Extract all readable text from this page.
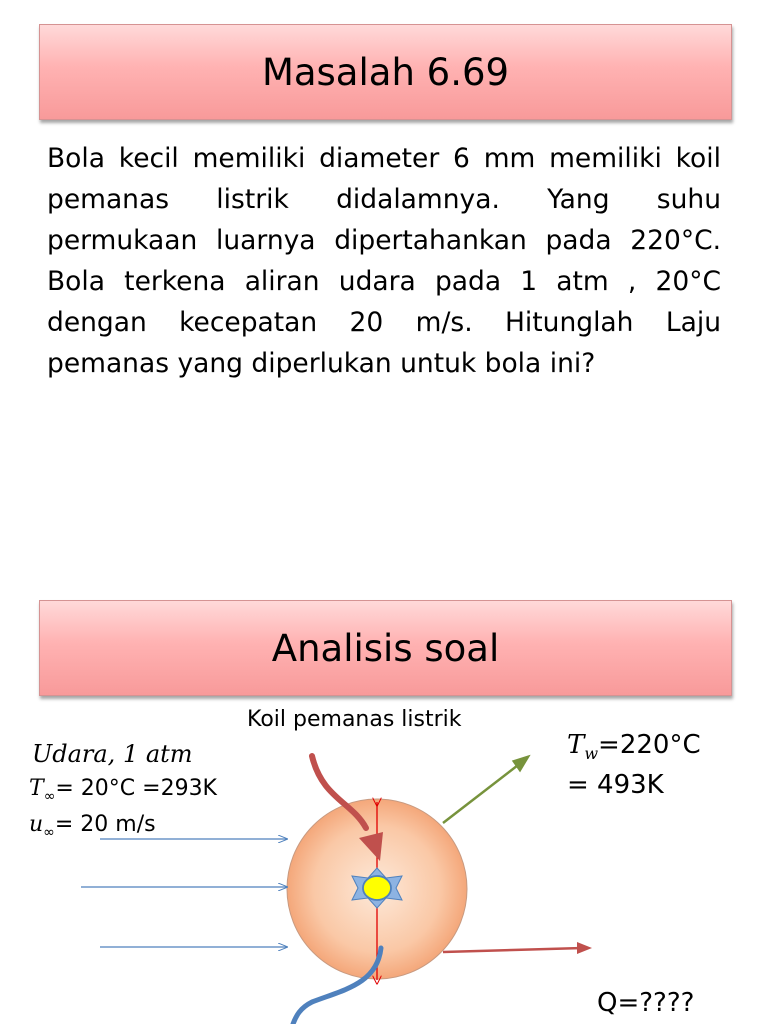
Masalah 6.69

Bola kecil memiliki diameter 6 mm memiliki koil pemanas listrik didalamnya. Yang suhu permukaan luarnya dipertahankan pada 220°C. Bola terkena aliran udara pada 1 atm , 20°C dengan kecepatan 20 m/s. Hitunglah Laju pemanas yang diperlukan untuk bola ini?

Analisis soal
Koil pemanas listrik
Udara, 1 atm
$T_\infty= 20^\circ C =293K$
$u_\infty= 20$ m/s
$T_w=220^\circ C$
= 493K
Q=????
